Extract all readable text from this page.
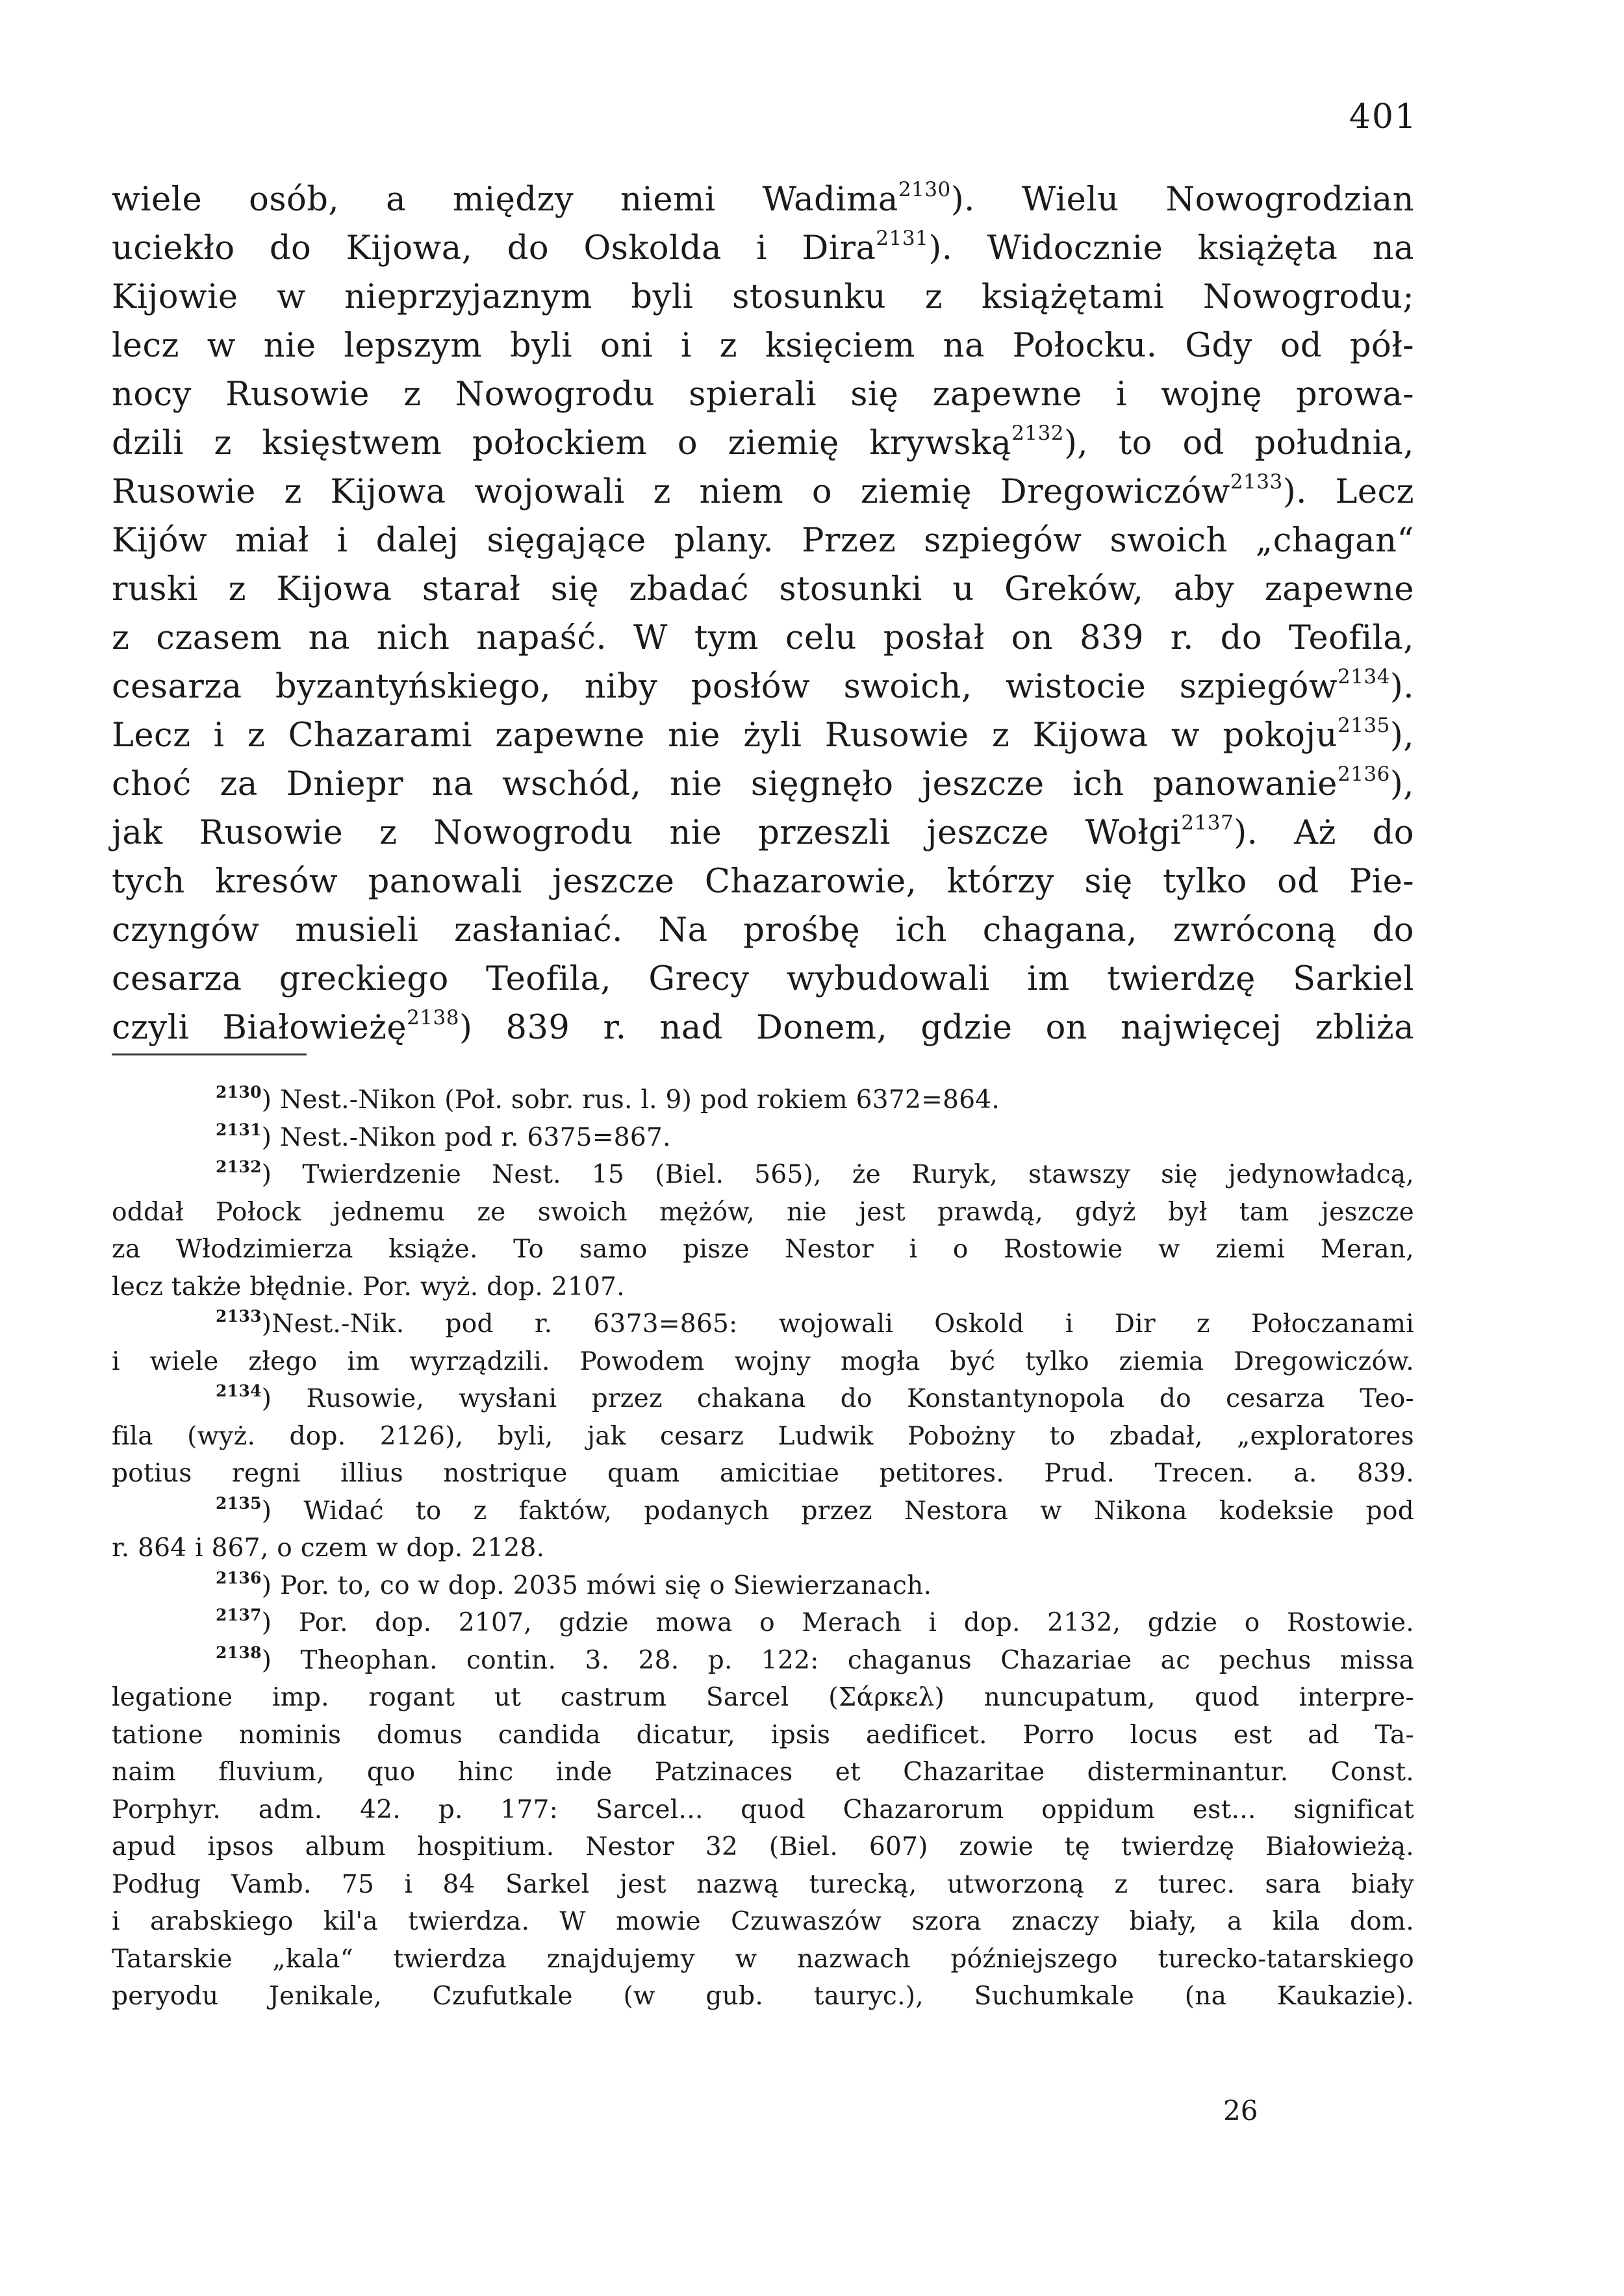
401
wiele osób, a między niemi Wadima$^{2130}$). Wielu Nowogrodzian
uciekło do Kijowa, do Oskolda i Dira$^{2131}$). Widocznie książęta na
Kijowie w nieprzyjaznym byli stosunku z książętami Nowogrodu;
lecz w nie lepszym byli oni i z księciem na Połocku. Gdy od pół-
nocy Rusowie z Nowogrodu spierali się zapewne i wojnę prowa-
dzili z księstwem połockiem o ziemię krywską$^{2132}$), to od południa,
Rusowie z Kijowa wojowali z niem o ziemię Dregowiczów$^{2133}$). Lecz
Kijów miał i dalej sięgające plany. Przez szpiegów swoich „chagan“
ruski z Kijowa starał się zbadać stosunki u Greków, aby zapewne
z czasem na nich napaść. W tym celu posłał on 839 r. do Teofila,
cesarza byzantyńskiego, niby posłów swoich, wistocie szpiegów$^{2134}$).
Lecz i z Chazarami zapewne nie żyli Rusowie z Kijowa w pokoju$^{2135}$),
choć za Dniepr na wschód, nie sięgnęło jeszcze ich panowanie$^{2136}$),
jak Rusowie z Nowogrodu nie przeszli jeszcze Wołgi$^{2137}$). Aż do
tych kresów panowali jeszcze Chazarowie, którzy się tylko od Pie-
czyngów musieli zasłaniać. Na prośbę ich chagana, zwróconą do
cesarza greckiego Teofila, Grecy wybudowali im twierdzę Sarkiel
czyli Białowieżę$^{2138}$) 839 r. nad Donem, gdzie on najwięcej zbliża
$^{2130}$) Nest.-Nikon (Poł. sobr. rus. l. 9) pod rokiem 6372=864.
$^{2131}$) Nest.-Nikon pod r. 6375=867.
$^{2132}$) Twierdzenie Nest. 15 (Biel. 565), że Ruryk, stawszy się jedynowładcą,
oddał Połock jednemu ze swoich mężów, nie jest prawdą, gdyż był tam jeszcze
za Włodzimierza książe. To samo pisze Nestor i o Rostowie w ziemi Meran,
lecz także błędnie. Por. wyż. dop. 2107.
$^{2133}$)Nest.-Nik. pod r. 6373=865: wojowali Oskold i Dir z Połoczanami
i wiele złego im wyrządzili. Powodem wojny mogła być tylko ziemia Dregowiczów.
$^{2134}$) Rusowie, wysłani przez chakana do Konstantynopola do cesarza Teo-
fila (wyż. dop. 2126), byli, jak cesarz Ludwik Pobożny to zbadał, „exploratores
potius regni illius nostrique quam amicitiae petitores. Prud. Trecen. a. 839.
$^{2135}$) Widać to z faktów, podanych przez Nestora w Nikona kodeksie pod
r. 864 i 867, o czem w dop. 2128.
$^{2136}$) Por. to, co w dop. 2035 mówi się o Siewierzanach.
$^{2137}$) Por. dop. 2107, gdzie mowa o Merach i dop. 2132, gdzie o Rostowie.
$^{2138}$) Theophan. contin. 3. 28. p. 122: chaganus Chazariae ac pechus missa
legatione imp. rogant ut castrum Sarcel (Σάρκελ) nuncupatum, quod interpre-
tatione nominis domus candida dicatur, ipsis aedificet. Porro locus est ad Ta-
naim fluvium, quo hinc inde Patzinaces et Chazaritae disterminantur. Const.
Porphyr. adm. 42. p. 177: Sarcel... quod Chazarorum oppidum est... significat
apud ipsos album hospitium. Nestor 32 (Biel. 607) zowie tę twierdzę Białowieżą.
Podług Vamb. 75 i 84 Sarkel jest nazwą turecką, utworzoną z turec. sara biały
i arabskiego kil'a twierdza. W mowie Czuwaszów szora znaczy biały, a kila dom.
Tatarskie „kala“ twierdza znajdujemy w nazwach późniejszego turecko-tatarskiego
peryodu Jenikale, Czufutkale (w gub. tauryc.), Suchumkale (na Kaukazie).
26
